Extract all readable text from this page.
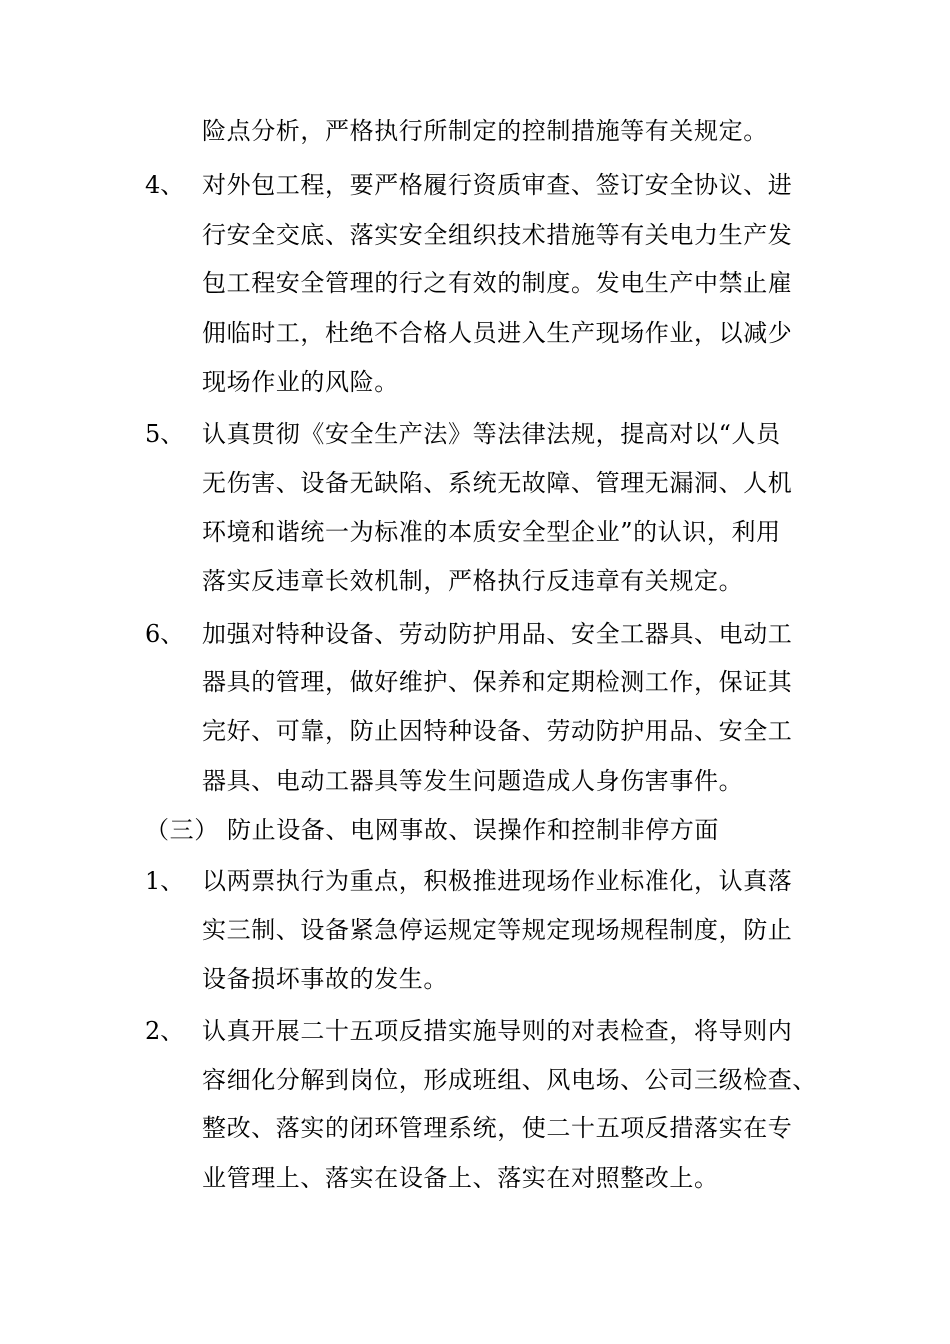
险点分析，严格执行所制定的控制措施等有关规定。
4、 对外包工程，要严格履行资质审查、签订安全协议、进
行安全交底、落实安全组织技术措施等有关电力生产发
包工程安全管理的行之有效的制度。发电生产中禁止雇
佣临时工，杜绝不合格人员进入生产现场作业，以减少
现场作业的风险。
5、 认真贯彻《安全生产法》等法律法规，提高对以“人员
无伤害、设备无缺陷、系统无故障、管理无漏洞、人机
环境和谐统一为标准的本质安全型企业”的认识，利用
落实反违章长效机制，严格执行反违章有关规定。
6、 加强对特种设备、劳动防护用品、安全工器具、电动工
器具的管理，做好维护、保养和定期检测工作，保证其
完好、可靠，防止因特种设备、劳动防护用品、安全工
器具、电动工器具等发生问题造成人身伤害事件。
（三） 防止设备、电网事故、误操作和控制非停方面
1、 以两票执行为重点，积极推进现场作业标准化，认真落
实三制、设备紧急停运规定等规定现场规程制度，防止
设备损坏事故的发生。
2、 认真开展二十五项反措实施导则的对表检查，将导则内
容细化分解到岗位，形成班组、风电场、公司三级检查、
整改、落实的闭环管理系统，使二十五项反措落实在专
业管理上、落实在设备上、落实在对照整改上。
